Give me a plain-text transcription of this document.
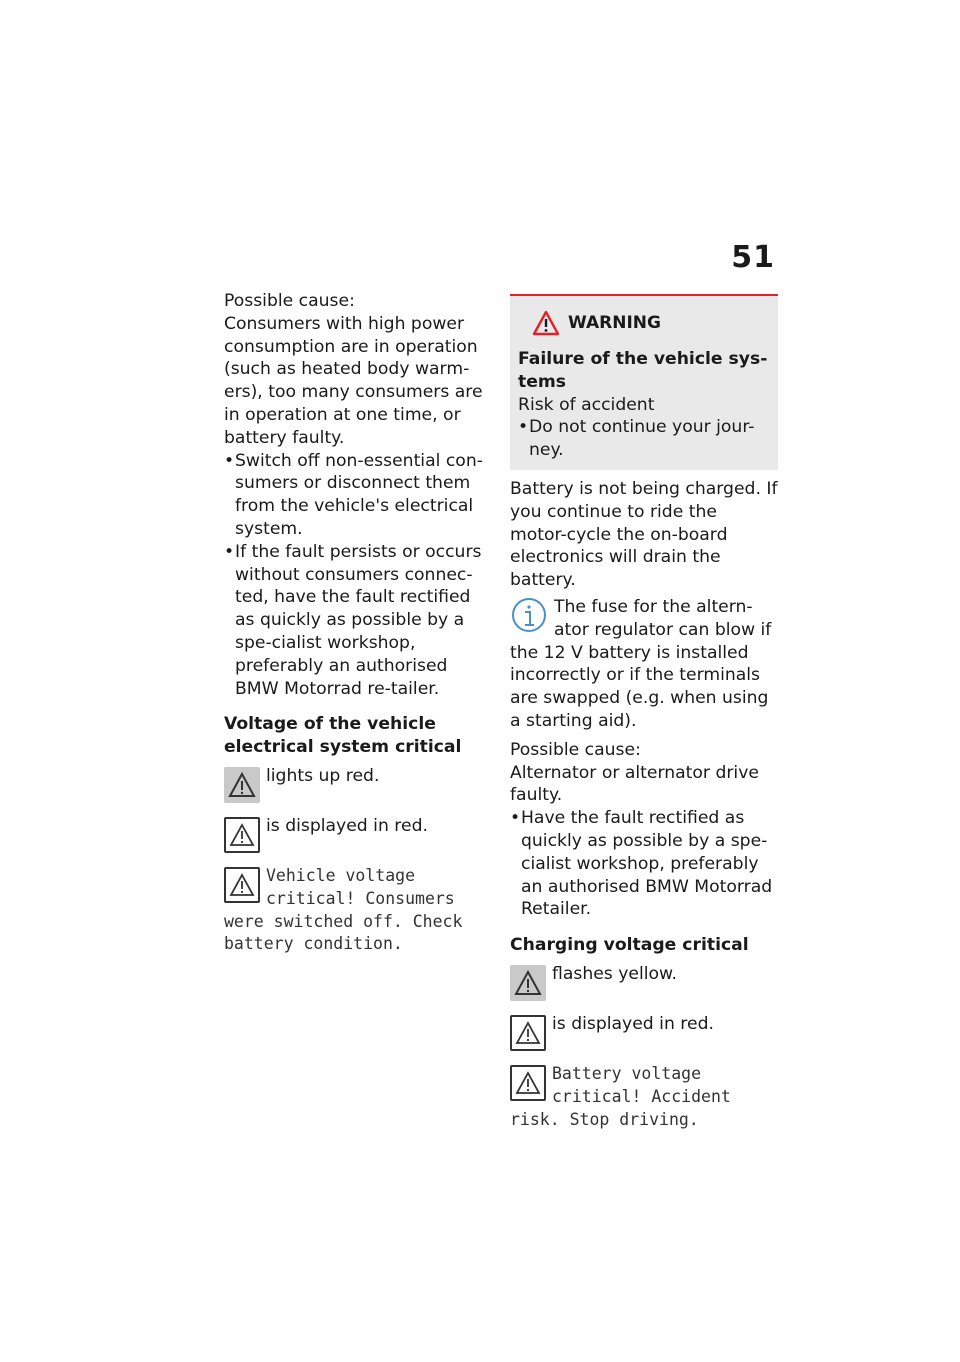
51

Possible cause:

Consumers with high power consumption are in operation (such as heated body warm-ers), too many consumers are in operation at one time, or battery faulty.

• Switch off non-essential con-sumers or disconnect them from the vehicle's electrical system.

• If the fault persists or occurs without consumers connec-ted, have the fault rectified as quickly as possible by a spe-cialist workshop, preferably an authorised BMW Motorrad re-tailer.

Voltage of the vehicle electrical system critical

lights up red.

is displayed in red.

Vehicle voltage

critical! Consumers

were switched off. Check battery condition.

WARNING

Failure of the vehicle sys-tems

Risk of accident

• Do not continue your jour-ney.

Battery is not being charged. If you continue to ride the motor-cycle the on-board electronics will drain the battery.

The fuse for the altern-ator regulator can blow if the 12 V battery is installed incorrectly or if the terminals are swapped (e.g. when using a starting aid).

Possible cause:

Alternator or alternator drive faulty.

• Have the fault rectified as quickly as possible by a spe-cialist workshop, preferably an authorised BMW Motorrad Retailer.

Charging voltage critical

flashes yellow.

is displayed in red.

Battery voltage

critical! Accident

risk. Stop driving.
